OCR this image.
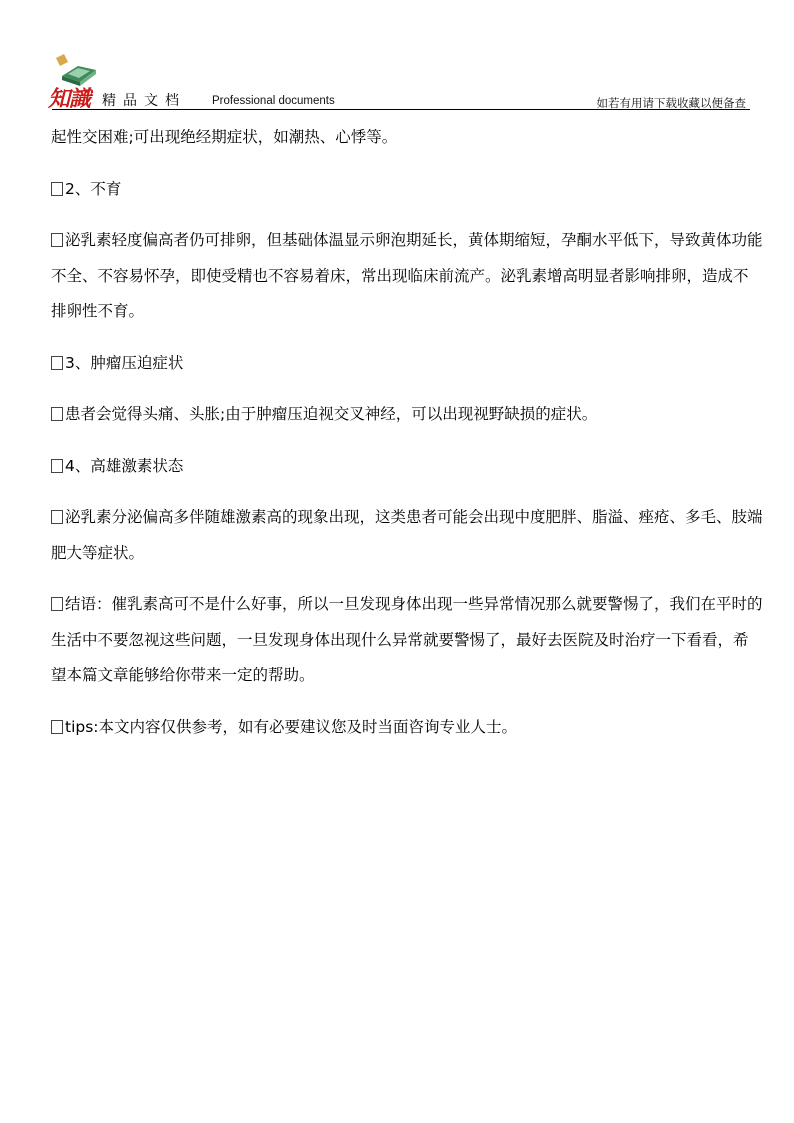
知識 精品文档 Professional documents	如若有用请下载收藏以便备查

起性交困难;可出现绝经期症状，如潮热、心悸等。

2、不育

泌乳素轻度偏高者仍可排卵，但基础体温显示卵泡期延长，黄体期缩短，孕酮水平低下，导致黄体功能不全、不容易怀孕，即使受精也不容易着床，常出现临床前流产。泌乳素增高明显者影响排卵，造成不排卵性不育。

3、肿瘤压迫症状

患者会觉得头痛、头胀;由于肿瘤压迫视交叉神经，可以出现视野缺损的症状。

4、高雄激素状态

泌乳素分泌偏高多伴随雄激素高的现象出现，这类患者可能会出现中度肥胖、脂溢、痤疮、多毛、肢端肥大等症状。

结语：催乳素高可不是什么好事，所以一旦发现身体出现一些异常情况那么就要警惕了，我们在平时的生活中不要忽视这些问题，一旦发现身体出现什么异常就要警惕了，最好去医院及时治疗一下看看，希望本篇文章能够给你带来一定的帮助。

tips:本文内容仅供参考，如有必要建议您及时当面咨询专业人士。
